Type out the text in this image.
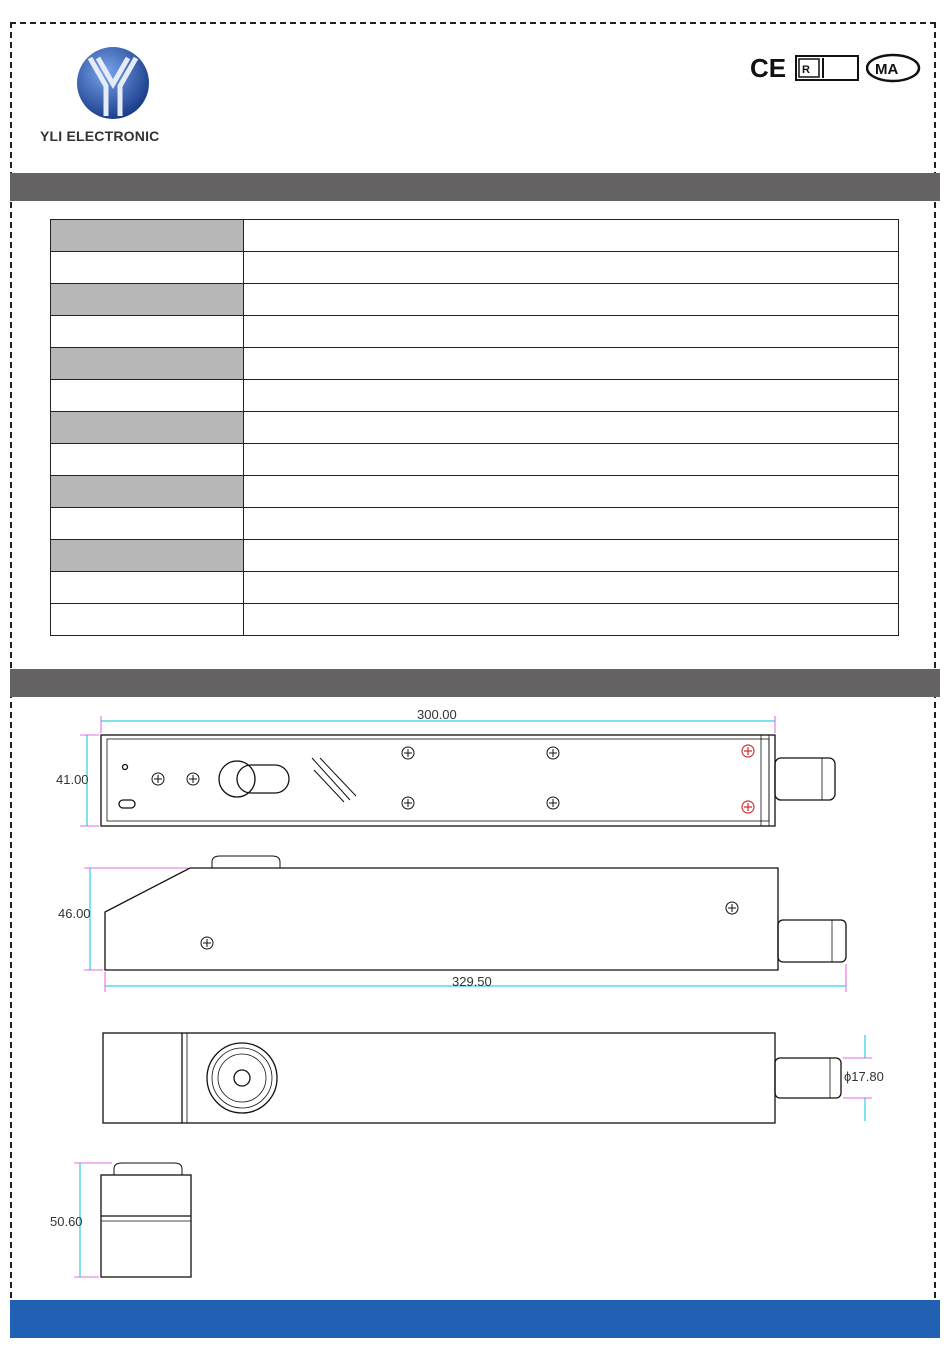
YLI ELECTRONIC
CE R	MA

300.00
41.00
46.00
329.50
ϕ17.80
50.60
